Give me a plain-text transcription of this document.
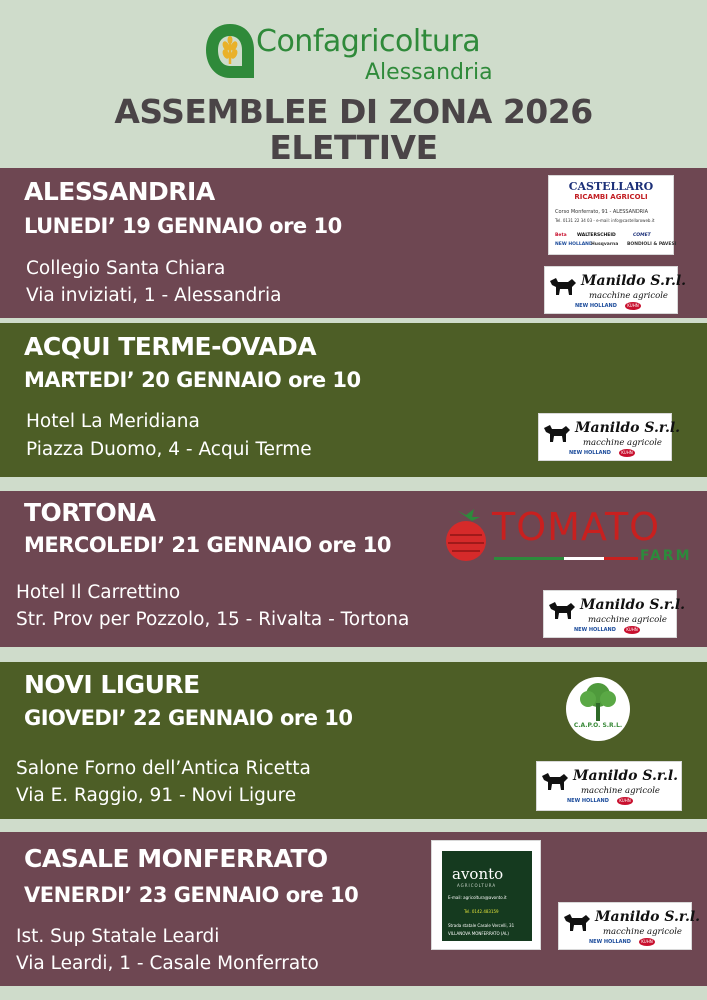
Confagricoltura
Alessandria
ASSEMBLEE DI ZONA 2026
ELETTIVE
ALESSANDRIA
LUNEDI’ 19 GENNAIO ore 10
Collegio Santa Chiara
Via inviziati, 1 - Alessandria
ACQUI TERME-OVADA
MARTEDI’ 20 GENNAIO ore 10
Hotel La Meridiana
Piazza Duomo, 4 - Acqui Terme
TORTONA
MERCOLEDI’ 21 GENNAIO ore 10
Hotel Il Carrettino
Str. Prov per Pozzolo, 15 - Rivalta - Tortona
NOVI LIGURE
GIOVEDI’ 22 GENNAIO ore 10
Salone Forno dell’Antica Ricetta
Via E. Raggio, 91 - Novi Ligure
CASALE MONFERRATO
VENERDI’ 23 GENNAIO ore 10
Ist. Sup Statale Leardi
Via Leardi, 1 - Casale Monferrato
CASTELLARO
RICAMBI AGRICOLI
Corso Monferrato, 91 - ALESSANDRIA
Tel. 0131 22 34 03 - e-mail: info@castellaroweb.it
Beta WALTERSCHEID	COMET
NEW HOLLAND
Husqvarna BONDIOLI & PAVESI
Manildo S.r.l.
macchine agricole
NEW HOLLAND	KUHN
Manildo S.r.l.
macchine agricole
NEW HOLLAND	KUHN
Manildo S.r.l.
macchine agricole
NEW HOLLAND	KUHN
Manildo S.r.l.
macchine agricole
NEW HOLLAND	KUHN
Manildo S.r.l.
macchine agricole
NEW HOLLAND	KUHN
TOMATO
FARM
C.A.P.O. S.R.L.
avonto
AGRICOLTURA
E-mail: agricoltura@avonto.it
Tel. 0142.483159
Strada statale Casale Vercelli, 31
VILLANOVA MONFERRATO (AL)
